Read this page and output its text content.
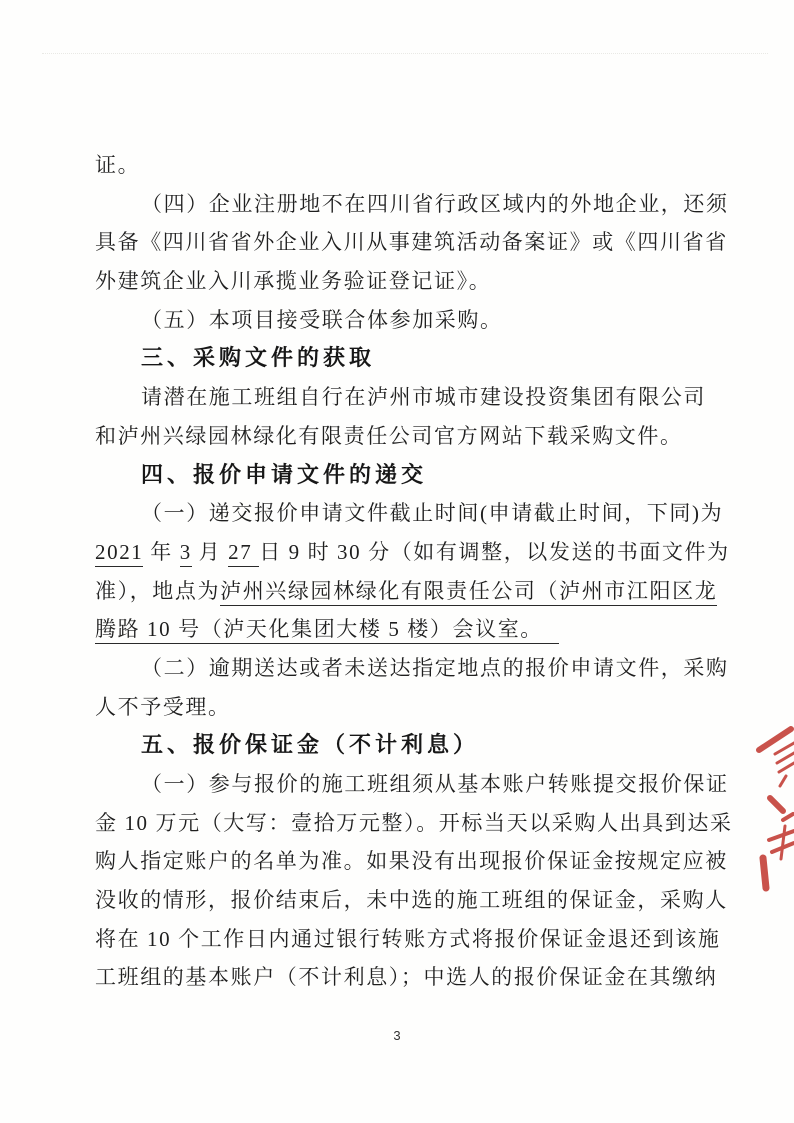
证。
（四）企业注册地不在四川省行政区域内的外地企业，还须
具备《四川省省外企业入川从事建筑活动备案证》或《四川省省
外建筑企业入川承揽业务验证登记证》。
（五）本项目接受联合体参加采购。
三、采购文件的获取
请潜在施工班组自行在泸州市城市建设投资集团有限公司
和泸州兴绿园林绿化有限责任公司官方网站下载采购文件。
四、报价申请文件的递交
（一）递交报价申请文件截止时间(申请截止时间，下同)为
2021 年 3 月 27 日 9 时 30 分（如有调整，以发送的书面文件为
准），地点为泸州兴绿园林绿化有限责任公司（泸州市江阳区龙
腾路 10 号（泸天化集团大楼 5 楼）会议室。
（二）逾期送达或者未送达指定地点的报价申请文件，采购
人不予受理。
五、报价保证金（不计利息）
（一）参与报价的施工班组须从基本账户转账提交报价保证
金 10 万元（大写：壹拾万元整）。开标当天以采购人出具到达采
购人指定账户的名单为准。如果没有出现报价保证金按规定应被
没收的情形，报价结束后，未中选的施工班组的保证金，采购人
将在 10 个工作日内通过银行转账方式将报价保证金退还到该施
工班组的基本账户（不计利息）；中选人的报价保证金在其缴纳
3
